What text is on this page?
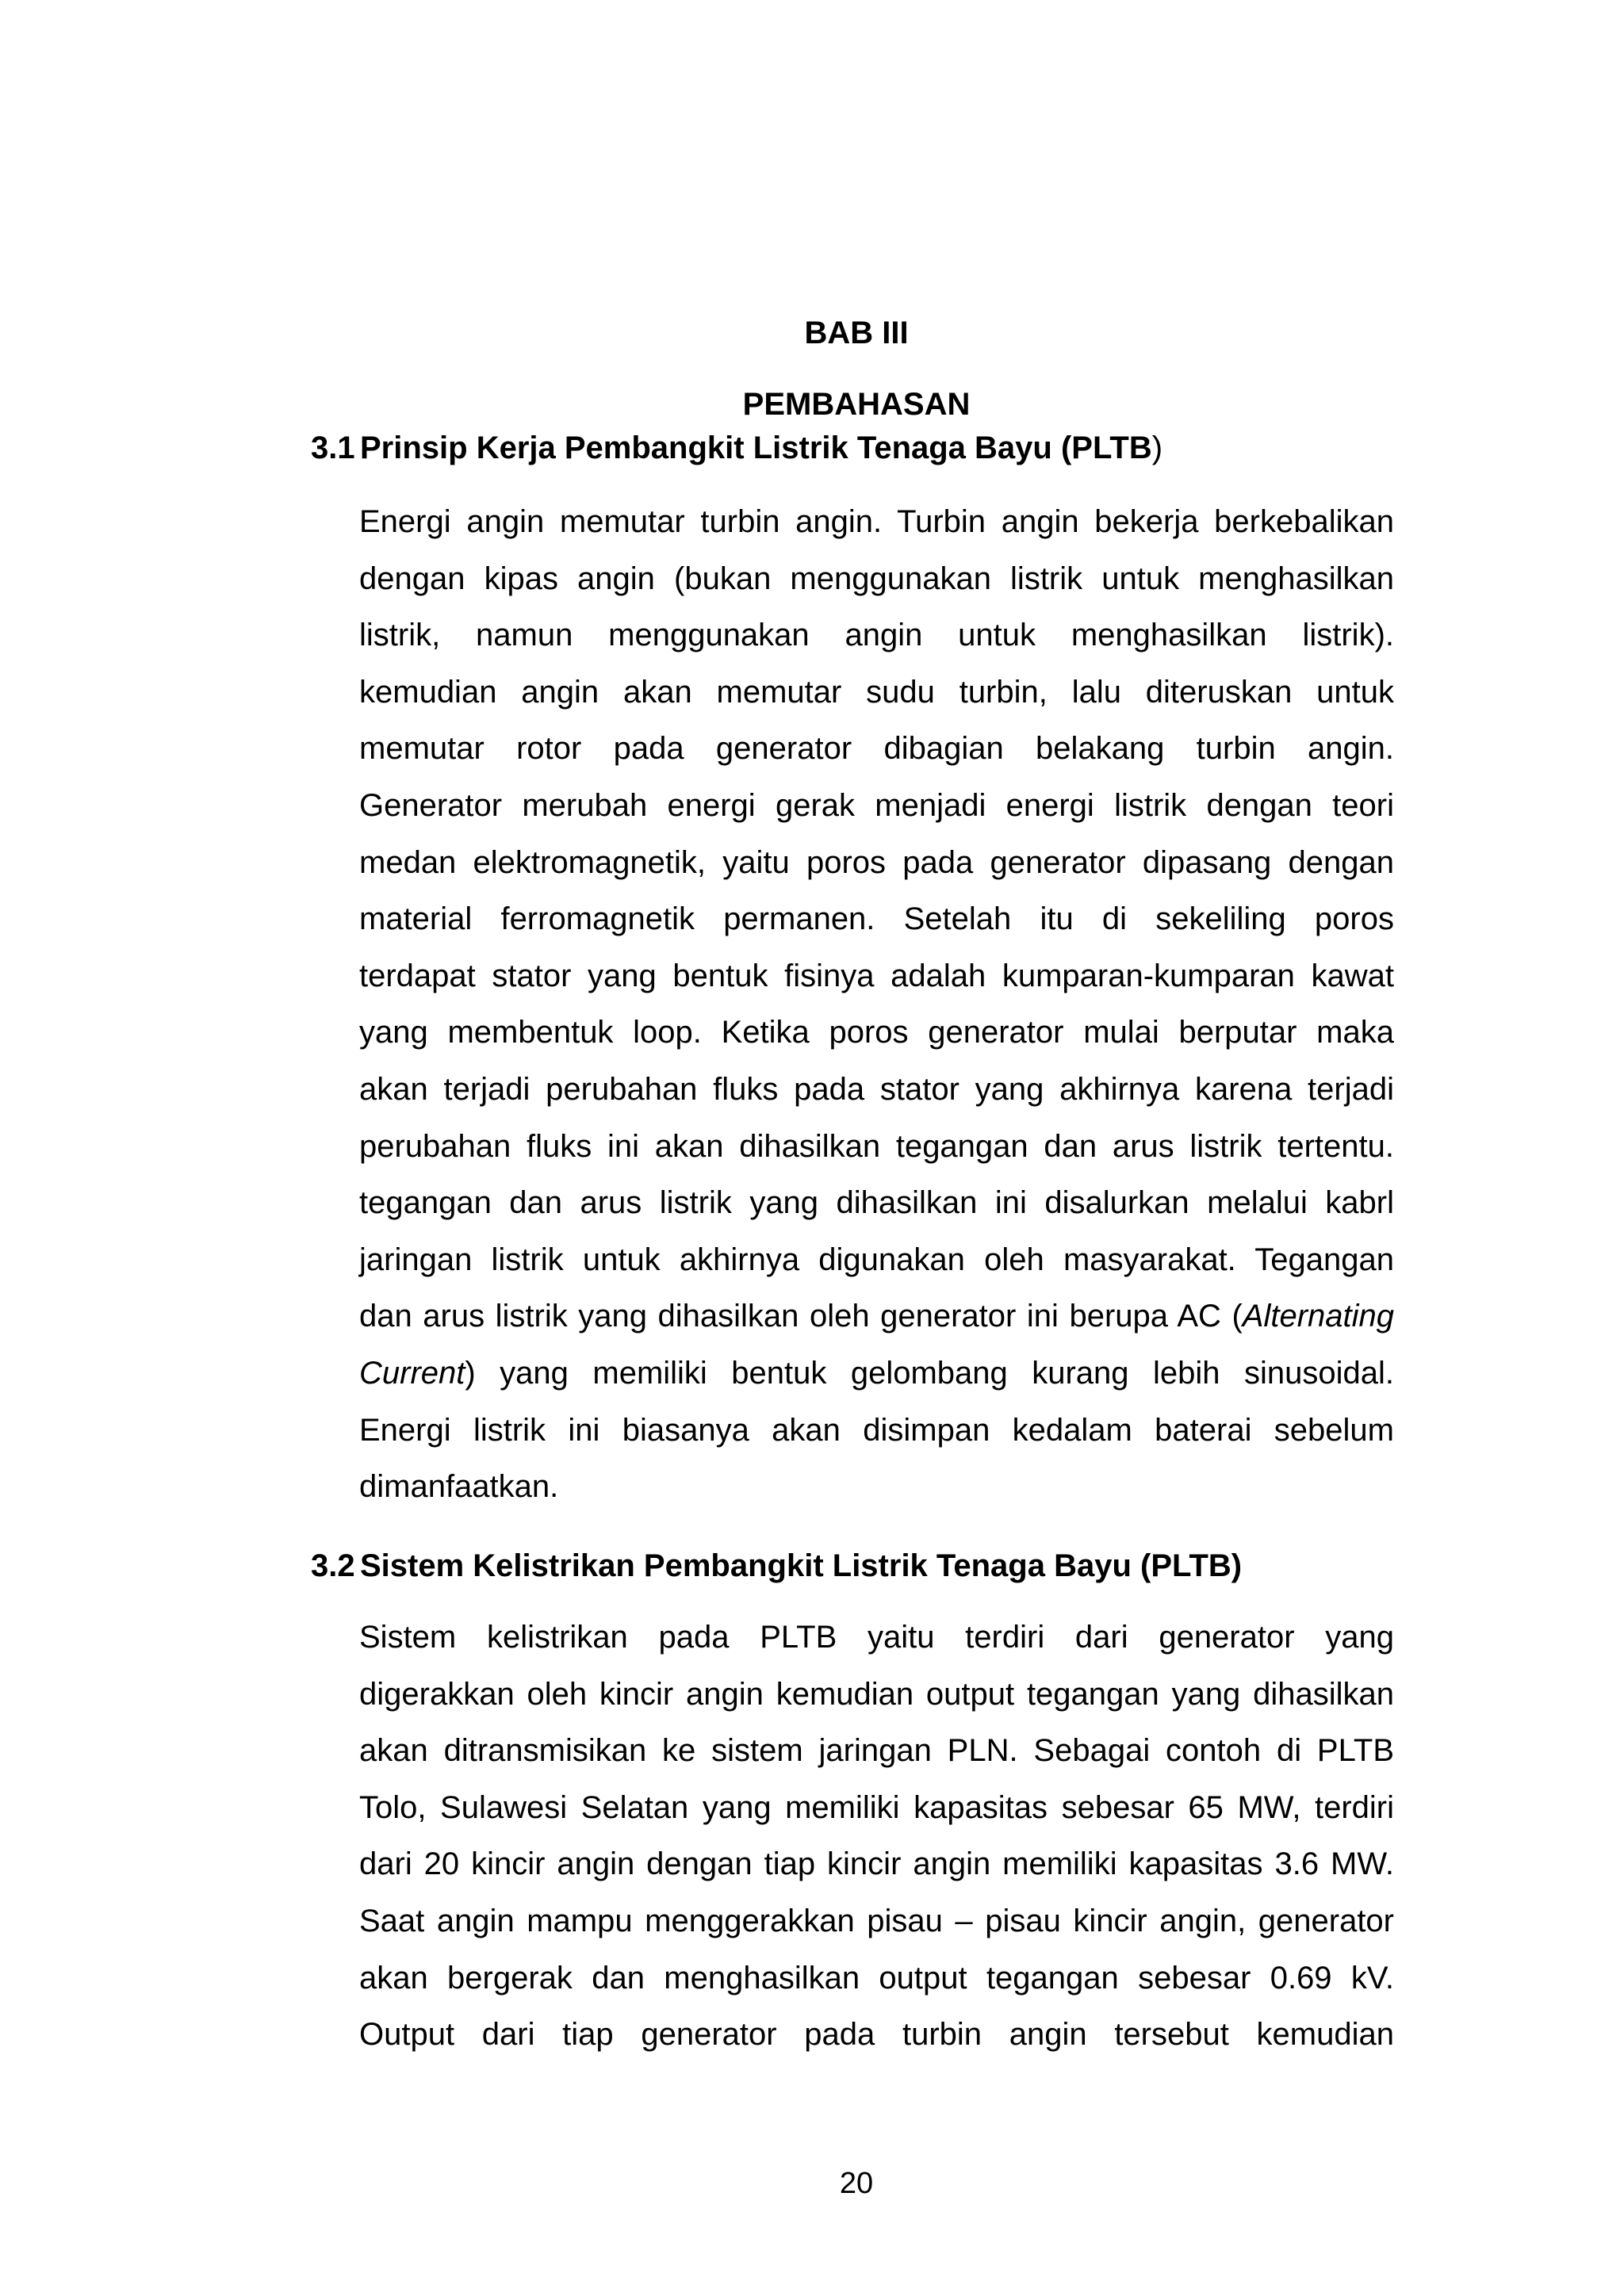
BAB III
PEMBAHASAN
3.1 Prinsip Kerja Pembangkit Listrik Tenaga Bayu (PLTB)
Energi angin memutar turbin angin. Turbin angin bekerja berkebalikan
dengan kipas angin (bukan menggunakan listrik untuk menghasilkan
listrik, namun menggunakan angin untuk menghasilkan listrik).
kemudian angin akan memutar sudu turbin, lalu diteruskan untuk
memutar rotor pada generator dibagian belakang turbin angin.
Generator merubah energi gerak menjadi energi listrik dengan teori
medan elektromagnetik, yaitu poros pada generator dipasang dengan
material ferromagnetik permanen. Setelah itu di sekeliling poros
terdapat stator yang bentuk fisinya adalah kumparan-kumparan kawat
yang membentuk loop. Ketika poros generator mulai berputar maka
akan terjadi perubahan fluks pada stator yang akhirnya karena terjadi
perubahan fluks ini akan dihasilkan tegangan dan arus listrik tertentu.
tegangan dan arus listrik yang dihasilkan ini disalurkan melalui kabrl
jaringan listrik untuk akhirnya digunakan oleh masyarakat. Tegangan
dan arus listrik yang dihasilkan oleh generator ini berupa AC (Alternating
Current) yang memiliki bentuk gelombang kurang lebih sinusoidal.
Energi listrik ini biasanya akan disimpan kedalam baterai sebelum
dimanfaatkan.
3.2 Sistem Kelistrikan Pembangkit Listrik Tenaga Bayu (PLTB)
Sistem kelistrikan pada PLTB yaitu terdiri dari generator yang
digerakkan oleh kincir angin kemudian output tegangan yang dihasilkan
akan ditransmisikan ke sistem jaringan PLN. Sebagai contoh di PLTB
Tolo, Sulawesi Selatan yang memiliki kapasitas sebesar 65 MW, terdiri
dari 20 kincir angin dengan tiap kincir angin memiliki kapasitas 3.6 MW.
Saat angin mampu menggerakkan pisau – pisau kincir angin, generator
akan bergerak dan menghasilkan output tegangan sebesar 0.69 kV.
Output dari tiap generator pada turbin angin tersebut kemudian
20
